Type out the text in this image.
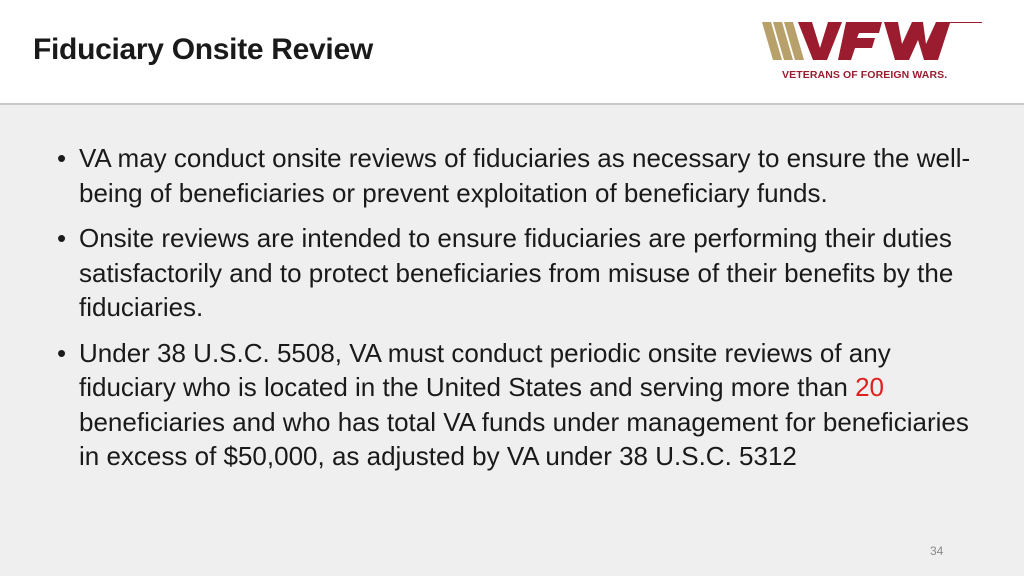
Fiduciary Onsite Review
VETERANS OF FOREIGN WARS.
• VA may conduct onsite reviews of fiduciaries as necessary to ensure the well-being of beneficiaries or prevent exploitation of beneficiary funds.
• Onsite reviews are intended to ensure fiduciaries are performing their duties satisfactorily and to protect beneficiaries from misuse of their benefits by the fiduciaries.
• Under 38 U.S.C. 5508, VA must conduct periodic onsite reviews of any fiduciary who is located in the United States and serving more than 20 beneficiaries and who has total VA funds under management for beneficiaries in excess of $50,000, as adjusted by VA under 38 U.S.C. 5312
34
